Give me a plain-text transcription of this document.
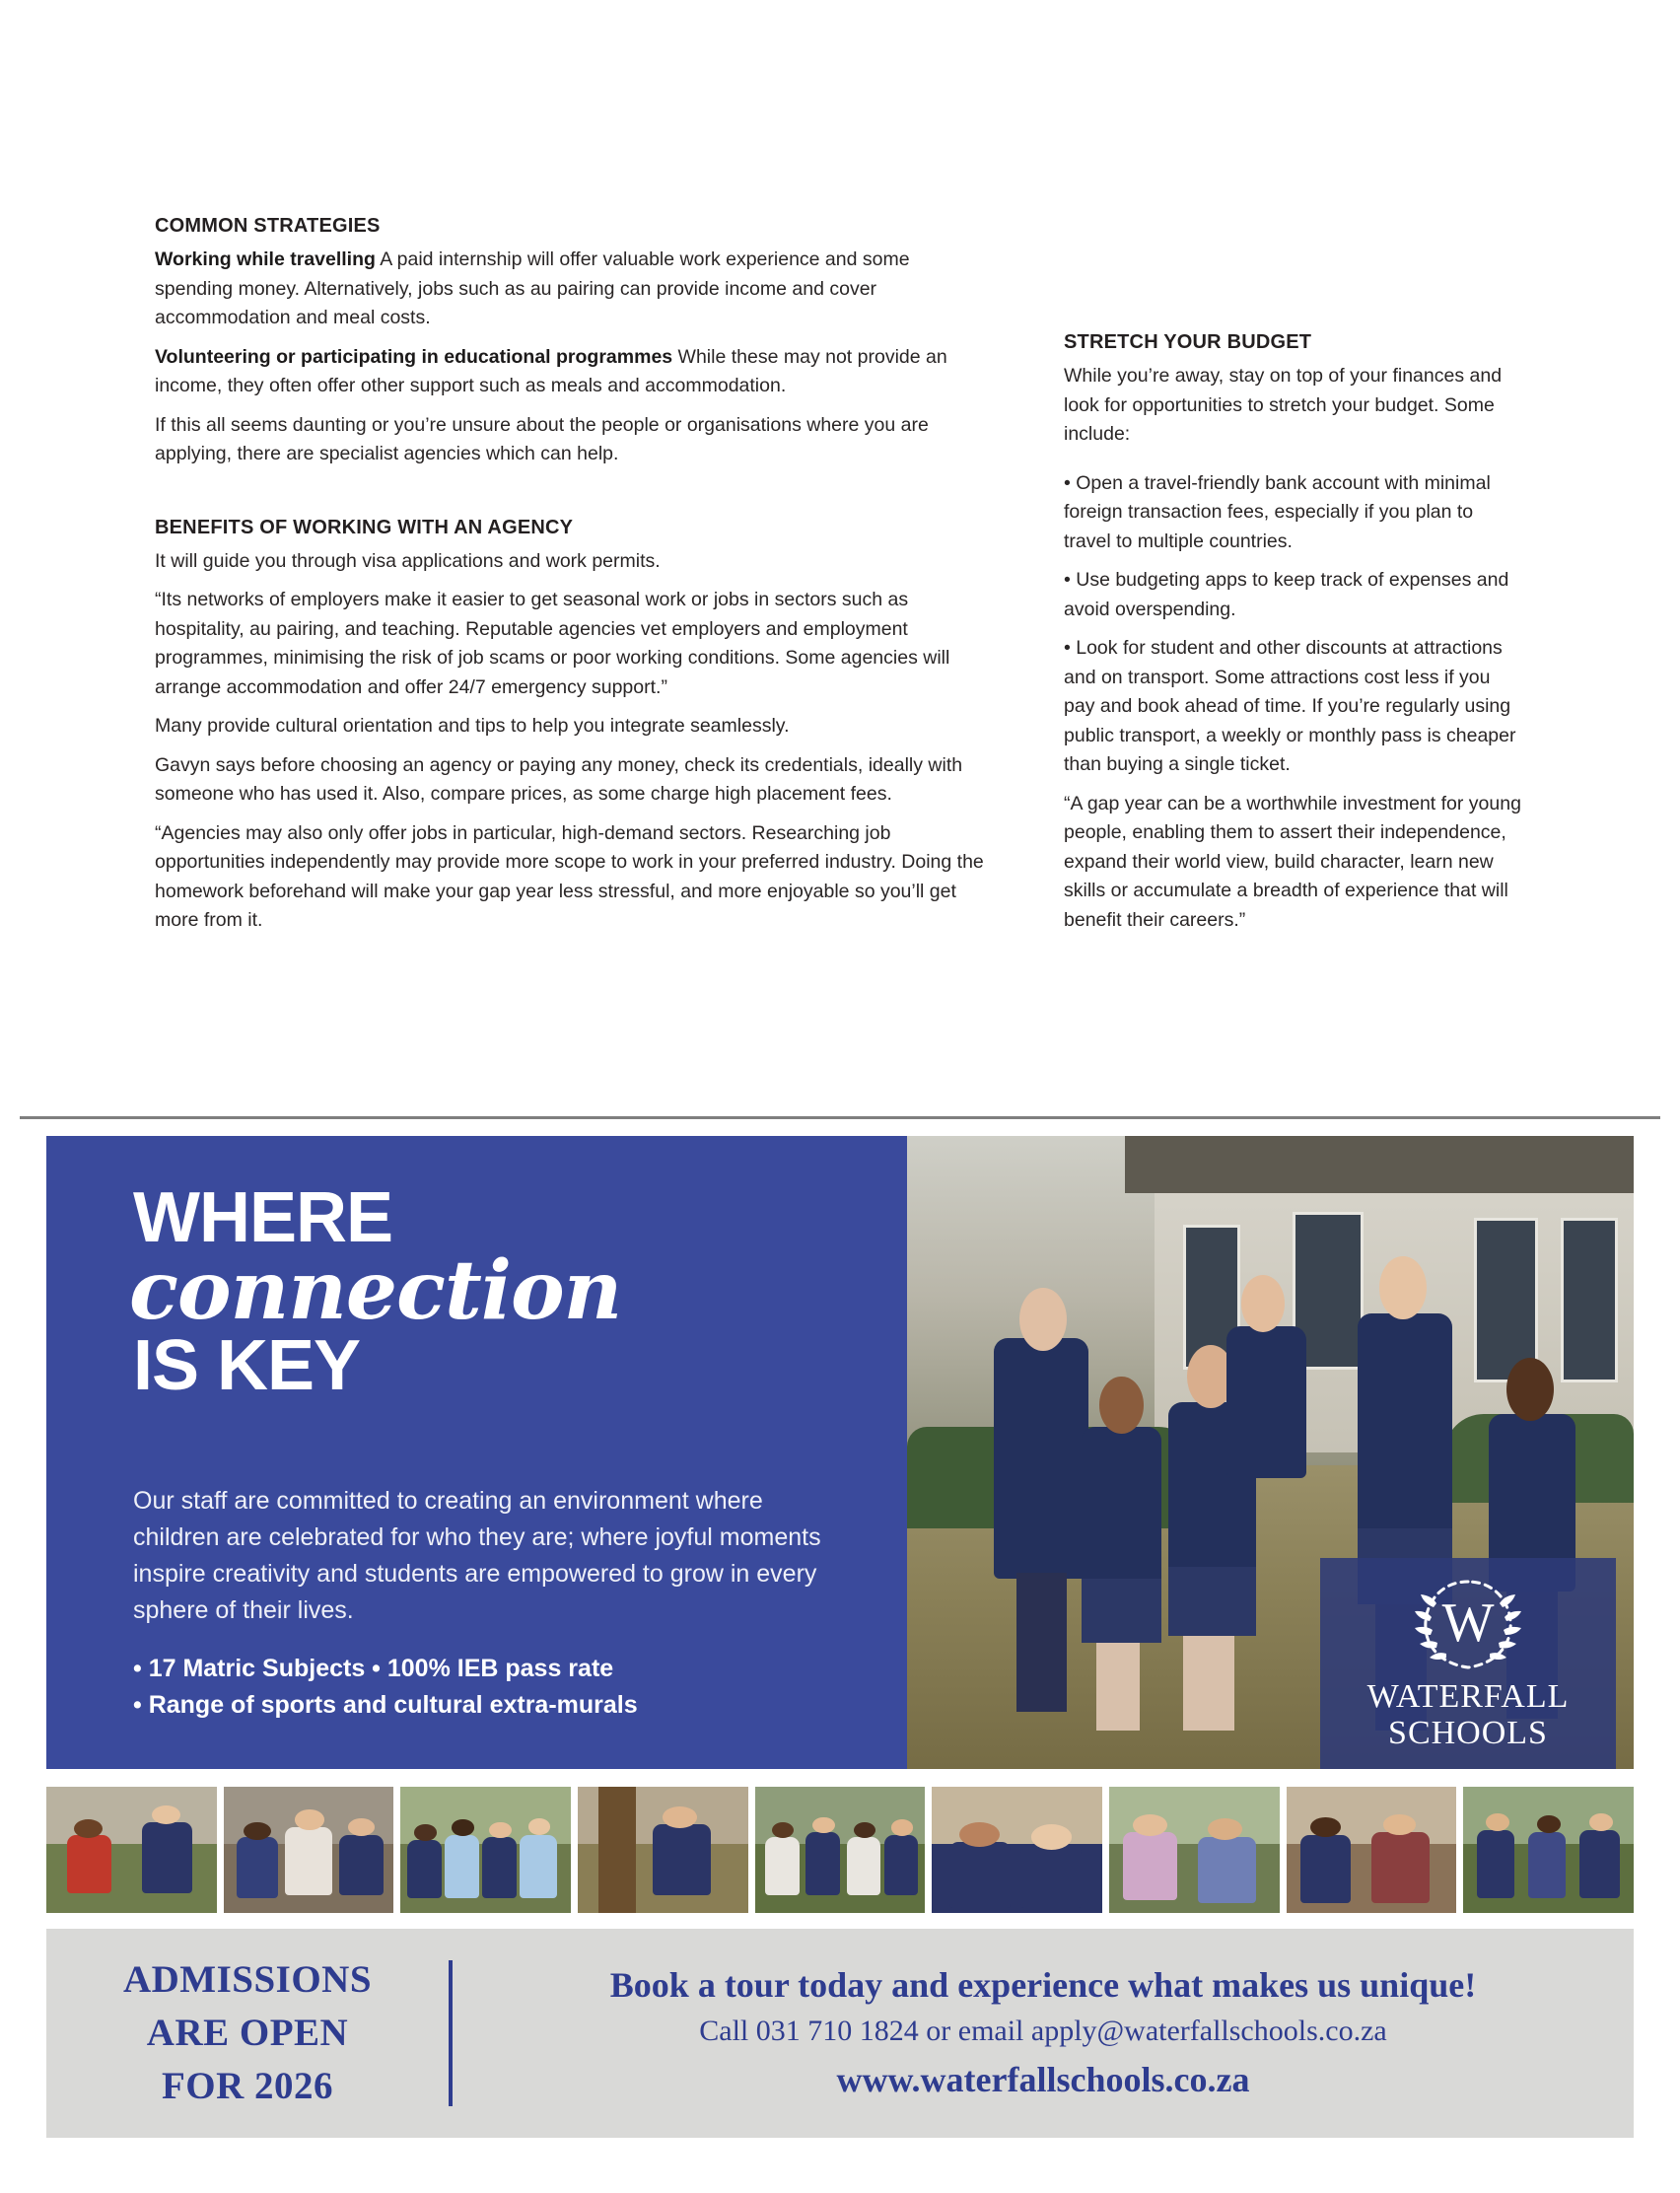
COMMON STRATEGIES

Working while travelling A paid internship will offer valuable work experience and some spending money. Alternatively, jobs such as au pairing can provide income and cover accommodation and meal costs.

Volunteering or participating in educational programmes While these may not provide an income, they often offer other support such as meals and accommodation.

If this all seems daunting or you’re unsure about the people or organisations where you are applying, there are specialist agencies which can help.

BENEFITS OF WORKING WITH AN AGENCY

It will guide you through visa applications and work permits.

“Its networks of employers make it easier to get seasonal work or jobs in sectors such as hospitality, au pairing, and teaching. Reputable agencies vet employers and employment programmes, minimising the risk of job scams or poor working conditions. Some agencies will arrange accommodation and offer 24/7 emergency support.”

Many provide cultural orientation and tips to help you integrate seamlessly.

Gavyn says before choosing an agency or paying any money, check its credentials, ideally with someone who has used it. Also, compare prices, as some charge high placement fees.

“Agencies may also only offer jobs in particular, high-demand sectors. Researching job opportunities independently may provide more scope to work in your preferred industry. Doing the homework beforehand will make your gap year less stressful, and more enjoyable so you’ll get more from it.

STRETCH YOUR BUDGET

While you’re away, stay on top of your finances and look for opportunities to stretch your budget. Some include:

• Open a travel-friendly bank account with minimal foreign transaction fees, especially if you plan to travel to multiple countries.

• Use budgeting apps to keep track of expenses and avoid overspending.

• Look for student and other discounts at attractions and on transport. Some attractions cost less if you pay and book ahead of time. If you’re regularly using public transport, a weekly or monthly pass is cheaper than buying a single ticket.

“A gap year can be a worthwhile investment for young people, enabling them to assert their independence, expand their world view, build character, learn new skills or accumulate a breadth of experience that will benefit their careers.”

WHERE
connection
IS KEY
Our staff are committed to creating an environment where children are celebrated for who they are; where joyful moments inspire creativity and students are empowered to grow in every sphere of their lives.
• 17 Matric Subjects • 100% IEB pass rate
• Range of sports and cultural extra-murals
W
WATERFALL
SCHOOLS
ADMISSIONS
ARE OPEN
FOR 2026
Book a tour today and experience what makes us unique!
Call 031 710 1824 or email apply@waterfallschools.co.za
www.waterfallschools.co.za
